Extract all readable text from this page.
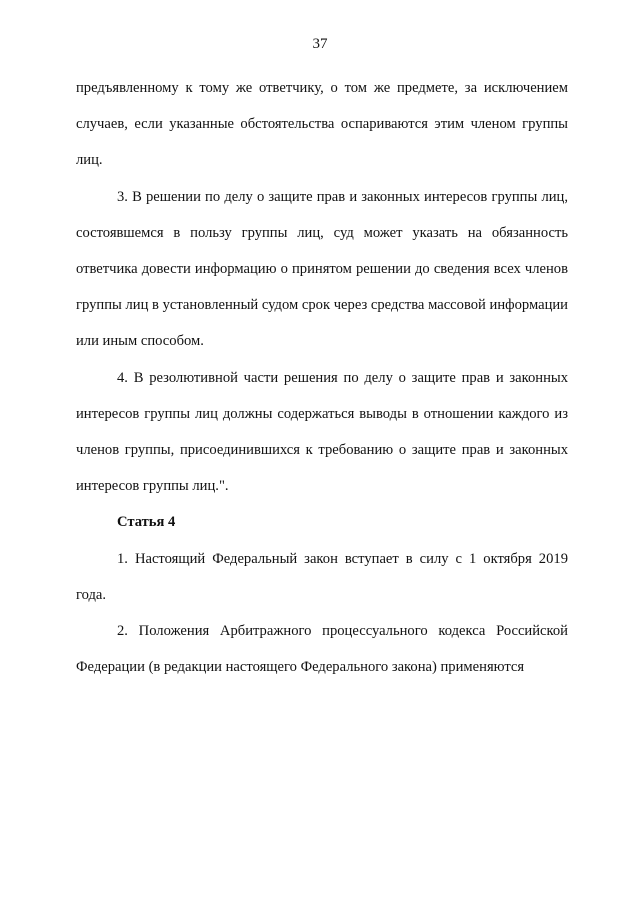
37

предъявленному к тому же ответчику, о том же предмете, за исключением случаев, если указанные обстоятельства оспариваются этим членом группы лиц.

3. В решении по делу о защите прав и законных интересов группы лиц, состоявшемся в пользу группы лиц, суд может указать на обязанность ответчика довести информацию о принятом решении до сведения всех членов группы лиц в установленный судом срок через средства массовой информации или иным способом.

4. В резолютивной части решения по делу о защите прав и законных интересов группы лиц должны содержаться выводы в отношении каждого из членов группы, присоединившихся к требованию о защите прав и законных интересов группы лиц.".

Статья 4

1. Настоящий Федеральный закон вступает в силу с 1 октября 2019 года.

2. Положения Арбитражного процессуального кодекса Российской Федерации (в редакции настоящего Федерального закона) применяются
